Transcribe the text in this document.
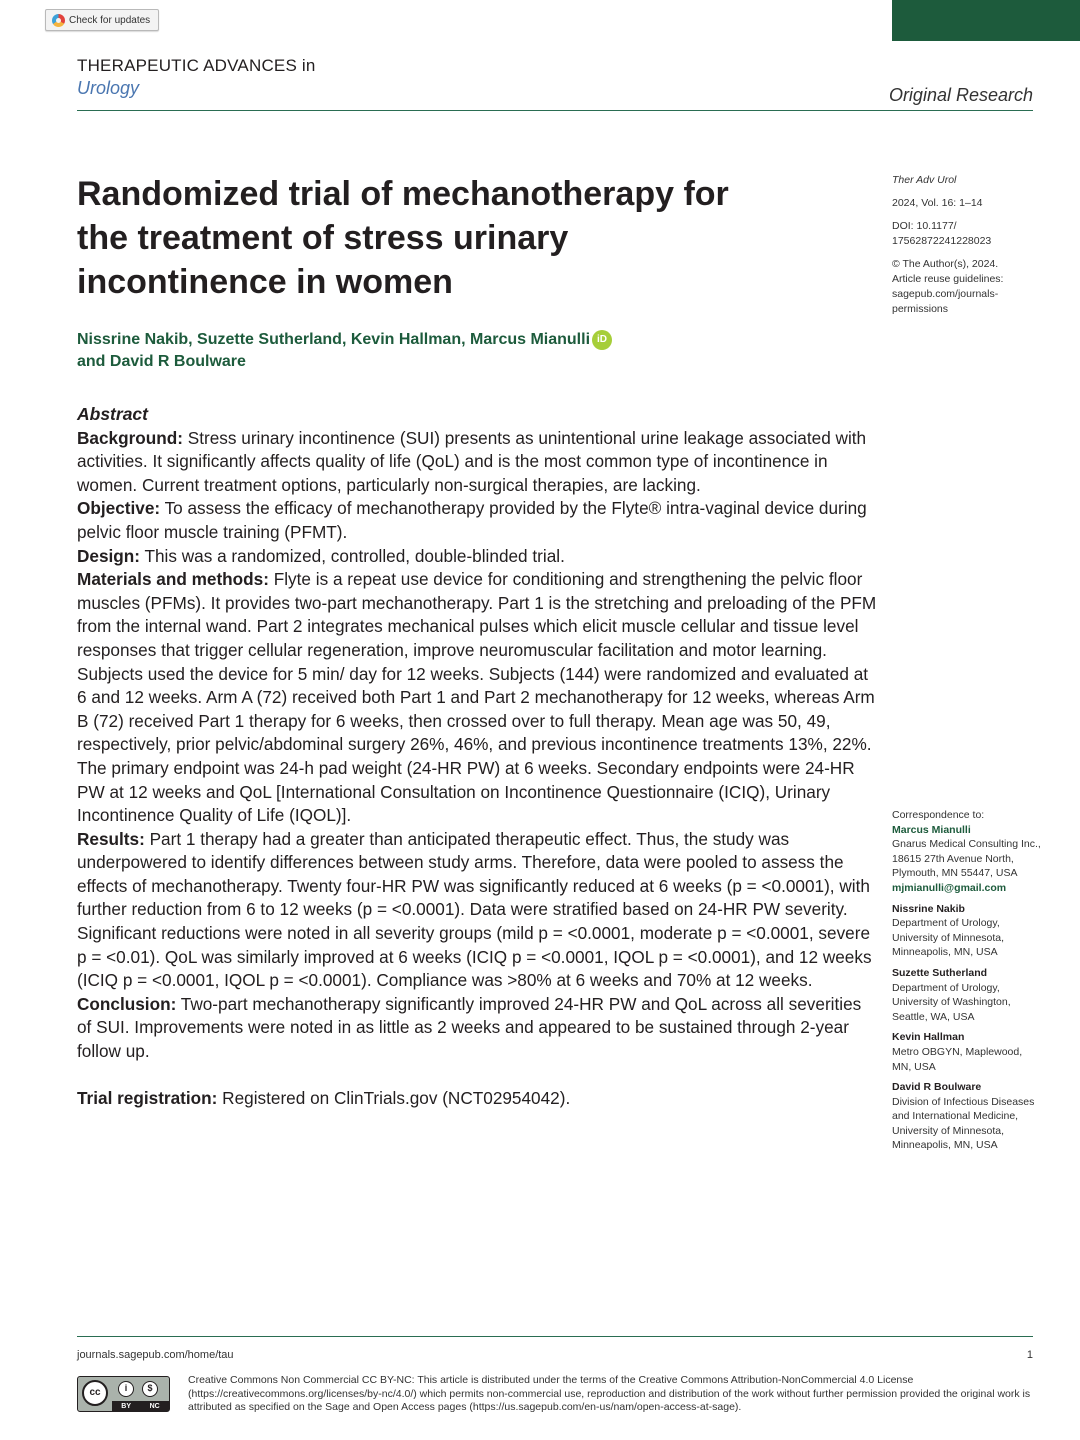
Check for updates
THERAPEUTIC ADVANCES in
Urology	Original Research
Randomized trial of mechanotherapy for the treatment of stress urinary incontinence in women
Nissrine Nakib, Suzette Sutherland, Kevin Hallman, Marcus Mianulli iD
and David R Boulware

Ther Adv Urol

2024, Vol. 16: 1–14

DOI: 10.1177/
17562872241228023

© The Author(s), 2024.
Article reuse guidelines:
sagepub.com/journals-
permissions

Abstract

Background: Stress urinary incontinence (SUI) presents as unintentional urine leakage associated with activities. It significantly affects quality of life (QoL) and is the most common type of incontinence in women. Current treatment options, particularly non-surgical therapies, are lacking.

Objective: To assess the efficacy of mechanotherapy provided by the Flyte® intra-vaginal device during pelvic floor muscle training (PFMT).

Design: This was a randomized, controlled, double-blinded trial.

Materials and methods: Flyte is a repeat use device for conditioning and strengthening the pelvic floor muscles (PFMs). It provides two-part mechanotherapy. Part 1 is the stretching and preloading of the PFM from the internal wand. Part 2 integrates mechanical pulses which elicit muscle cellular and tissue level responses that trigger cellular regeneration, improve neuromuscular facilitation and motor learning. Subjects used the device for 5 min/ day for 12 weeks. Subjects (144) were randomized and evaluated at 6 and 12 weeks. Arm A (72) received both Part 1 and Part 2 mechanotherapy for 12 weeks, whereas Arm B (72) received Part 1 therapy for 6 weeks, then crossed over to full therapy. Mean age was 50, 49, respectively, prior pelvic/abdominal surgery 26%, 46%, and previous incontinence treatments 13%, 22%. The primary endpoint was 24-h pad weight (24-HR PW) at 6 weeks. Secondary endpoints were 24-HR PW at 12 weeks and QoL [International Consultation on Incontinence Questionnaire (ICIQ), Urinary Incontinence Quality of Life (IQOL)].

Results: Part 1 therapy had a greater than anticipated therapeutic effect. Thus, the study was underpowered to identify differences between study arms. Therefore, data were pooled to assess the effects of mechanotherapy. Twenty four-HR PW was significantly reduced at 6 weeks (p = <0.0001), with further reduction from 6 to 12 weeks (p = <0.0001). Data were stratified based on 24-HR PW severity. Significant reductions were noted in all severity groups (mild p = <0.0001, moderate p = <0.0001, severe p = <0.01). QoL was similarly improved at 6 weeks (ICIQ p = <0.0001, IQOL p = <0.0001), and 12 weeks (ICIQ p = <0.0001, IQOL p = <0.0001). Compliance was >80% at 6 weeks and 70% at 12 weeks.

Conclusion: Two-part mechanotherapy significantly improved 24-HR PW and QoL across all severities of SUI. Improvements were noted in as little as 2 weeks and appeared to be sustained through 2-year follow up.

Trial registration: Registered on ClinTrials.gov (NCT02954042).

Correspondence to:
Marcus Mianulli
Gnarus Medical Consulting Inc., 18615 27th Avenue North, Plymouth, MN 55447, USA
mjmianulli@gmail.com

Nissrine Nakib
Department of Urology, University of Minnesota, Minneapolis, MN, USA

Suzette Sutherland
Department of Urology, University of Washington, Seattle, WA, USA

Kevin Hallman
Metro OBGYN, Maplewood, MN, USA

David R Boulware
Division of Infectious Diseases and International Medicine, University of Minnesota, Minneapolis, MN, USA

journals.sagepub.com/home/tau	1
cc	i	$
BY	NC
Creative Commons Non Commercial CC BY-NC: This article is distributed under the terms of the Creative Commons Attribution-NonCommercial 4.0 License (https://creativecommons.org/licenses/by-nc/4.0/) which permits non-commercial use, reproduction and distribution of the work without further permission provided the original work is attributed as specified on the Sage and Open Access pages (https://us.sagepub.com/en-us/nam/open-access-at-sage).
